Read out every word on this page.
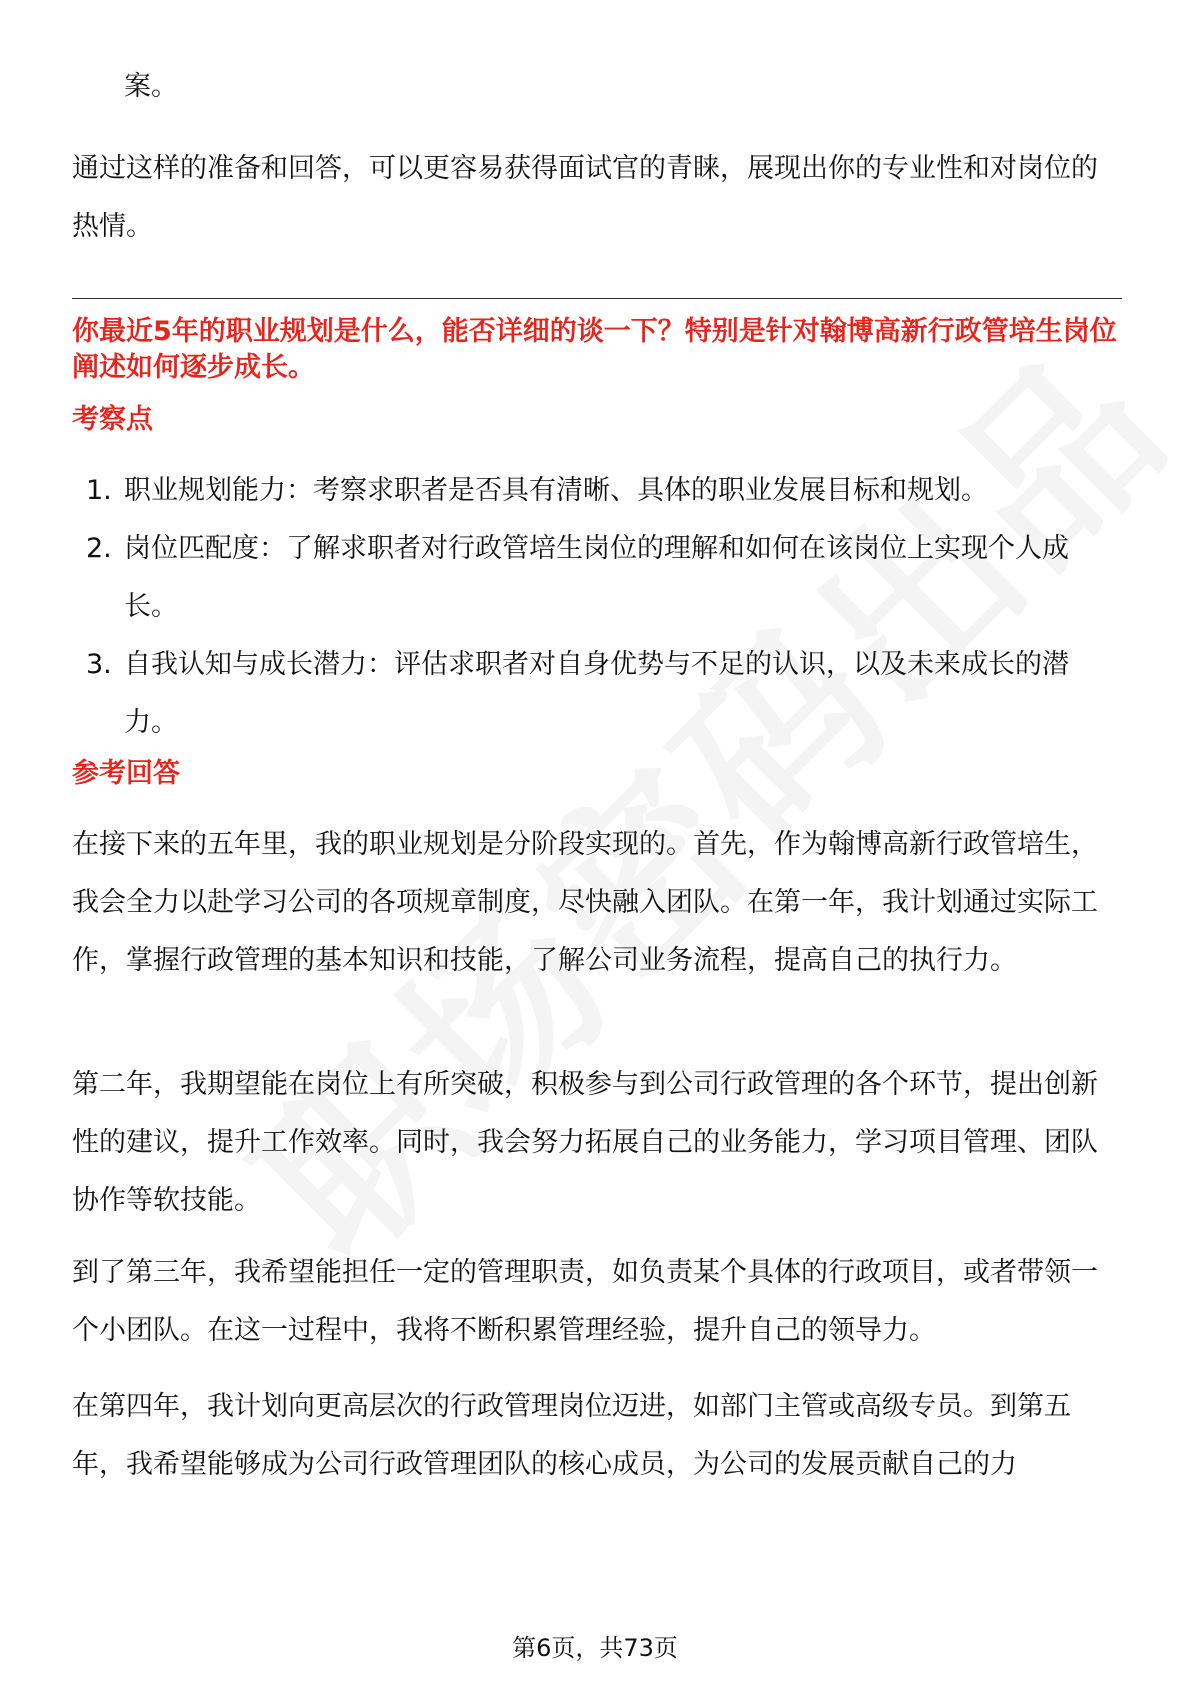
案。
通过这样的准备和回答，可以更容易获得面试官的青睐，展现出你的专业性和对岗位的热情。
你最近5年的职业规划是什么，能否详细的谈一下？特别是针对翰博高新行政管培生岗位阐述如何逐步成长。
考察点
1. 职业规划能力：考察求职者是否具有清晰、具体的职业发展目标和规划。
2. 岗位匹配度：了解求职者对行政管培生岗位的理解和如何在该岗位上实现个人成长。
3. 自我认知与成长潜力：评估求职者对自身优势与不足的认识，以及未来成长的潜力。
参考回答
在接下来的五年里，我的职业规划是分阶段实现的。首先，作为翰博高新行政管培生，我会全力以赴学习公司的各项规章制度，尽快融入团队。在第一年，我计划通过实际工作，掌握行政管理的基本知识和技能，了解公司业务流程，提高自己的执行力。
第二年，我期望能在岗位上有所突破，积极参与到公司行政管理的各个环节，提出创新性的建议，提升工作效率。同时，我会努力拓展自己的业务能力，学习项目管理、团队协作等软技能。
到了第三年，我希望能担任一定的管理职责，如负责某个具体的行政项目，或者带领一个小团队。在这一过程中，我将不断积累管理经验，提升自己的领导力。
在第四年，我计划向更高层次的行政管理岗位迈进，如部门主管或高级专员。到第五年，我希望能够成为公司行政管理团队的核心成员，为公司的发展贡献自己的力
第6页，共73页
